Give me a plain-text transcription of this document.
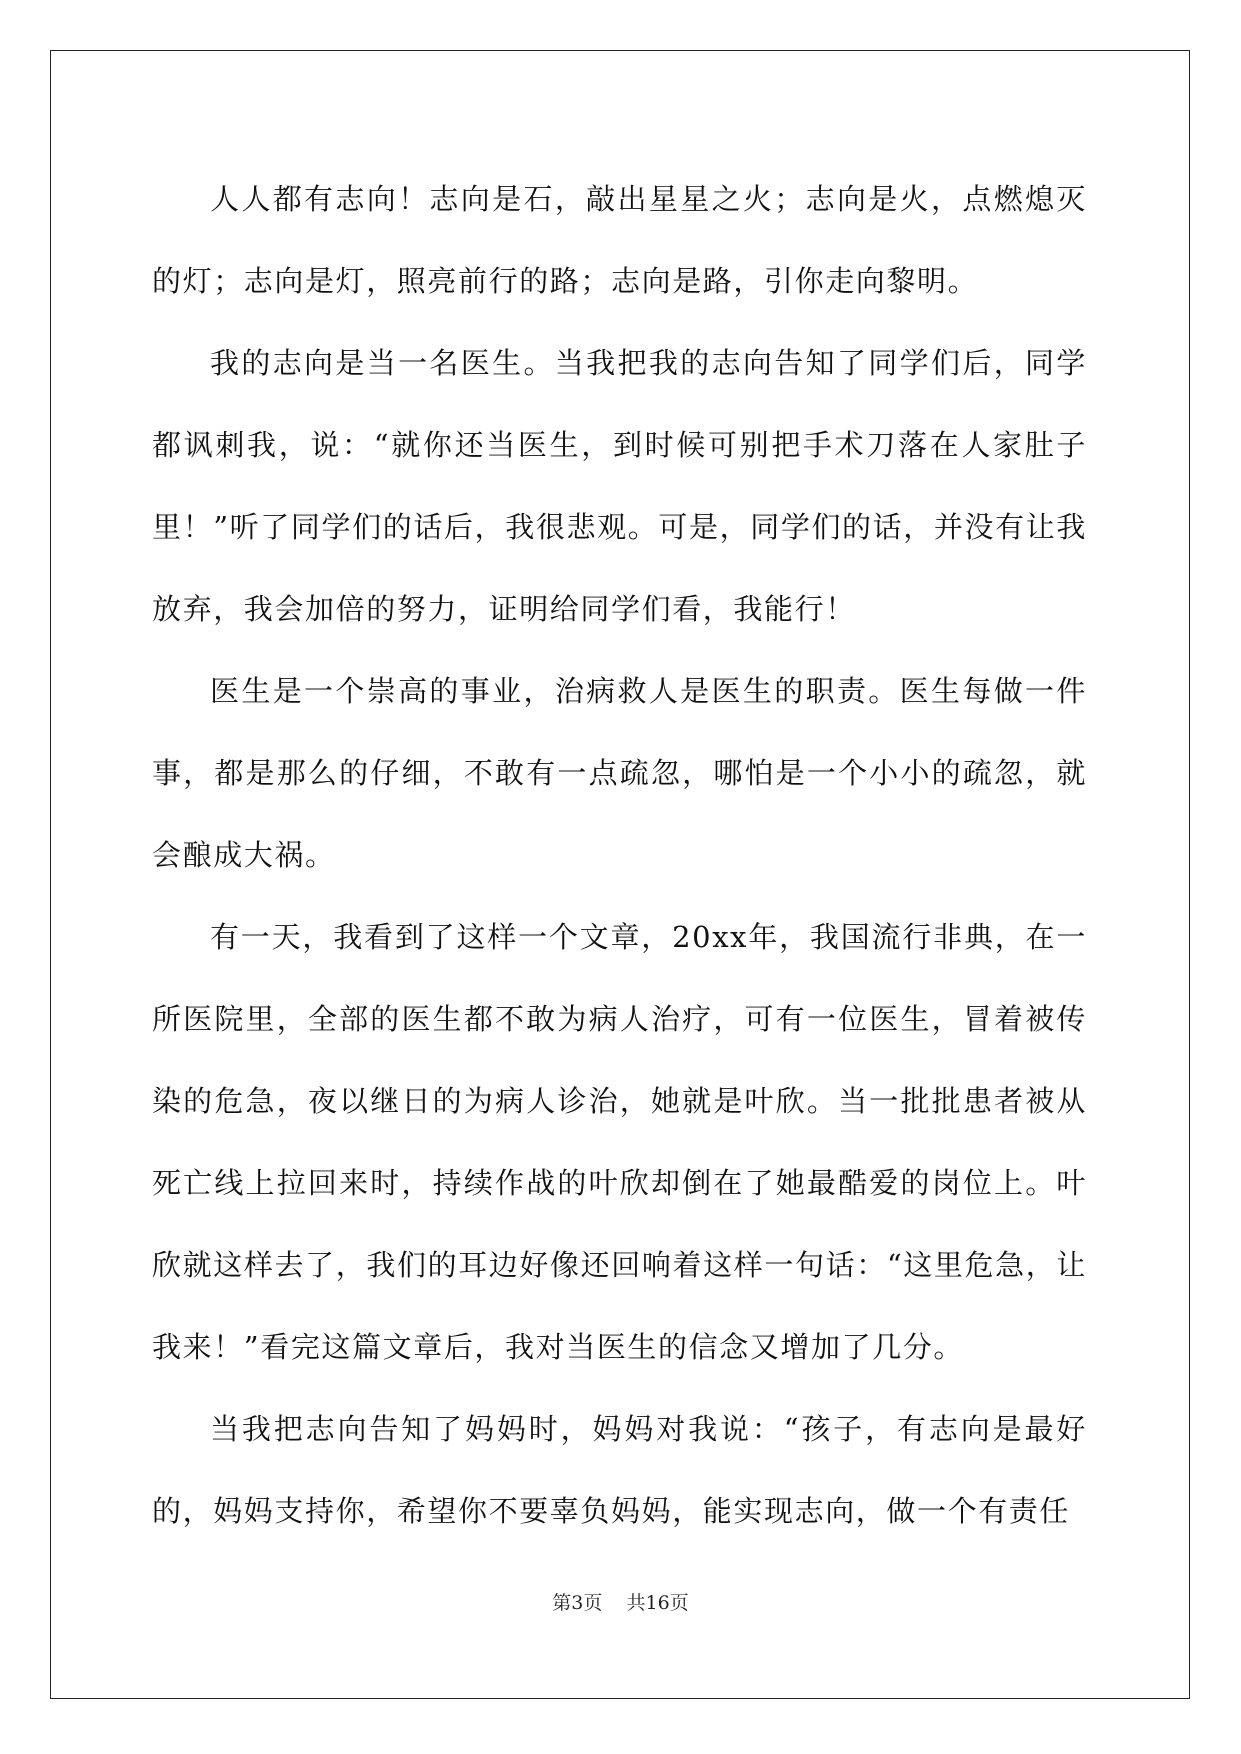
人人都有志向！志向是石，敲出星星之火；志向是火，点燃熄灭的灯；志向是灯，照亮前行的路；志向是路，引你走向黎明。

我的志向是当一名医生。当我把我的志向告知了同学们后，同学都讽刺我，说：“就你还当医生，到时候可别把手术刀落在人家肚子里！”听了同学们的话后，我很悲观。可是，同学们的话，并没有让我放弃，我会加倍的努力，证明给同学们看，我能行！

医生是一个崇高的事业，治病救人是医生的职责。医生每做一件事，都是那么的仔细，不敢有一点疏忽，哪怕是一个小小的疏忽，就会酿成大祸。

有一天，我看到了这样一个文章，20xx年，我国流行非典，在一所医院里，全部的医生都不敢为病人治疗，可有一位医生，冒着被传染的危急，夜以继日的为病人诊治，她就是叶欣。当一批批患者被从死亡线上拉回来时，持续作战的叶欣却倒在了她最酷爱的岗位上。叶欣就这样去了，我们的耳边好像还回响着这样一句话：“这里危急，让我来！”看完这篇文章后，我对当医生的信念又增加了几分。

当我把志向告知了妈妈时，妈妈对我说：“孩子，有志向是最好的，妈妈支持你，希望你不要辜负妈妈，能实现志向，做一个有责任

第3页 共16页
